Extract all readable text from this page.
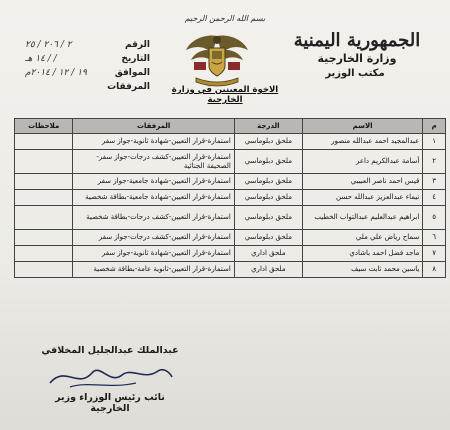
بسم الله الرحمن الرحيم
الجمهورية اليمنية
وزارة الخارجية
مكتب الوزير
الرقم
٢ / ٢٠٦ / ٢٥
التاريخ
/ / ١٤ هـ
الموافق
١٩ / ١٢ / ٢٠١٤م
المرفقات	الاخوة المعينين في وزارة الخارجية
م	الاسم	الدرجة	المرفقات	ملاحظات
١	عبدالمجيد احمد عبدالله منصور	ملحق دبلوماسي	استمارة-قرار التعيين-شهادة ثانوية-جواز سفر	
٢	أسامة عبدالكريم داعر	ملحق دبلوماسي	استمارة-قرار التعيين-كشف درجات-جواز سفر-الصحيفة الجنائية	
٣	قيس احمد ناصر العبيبي	ملحق دبلوماسي	استمارة-قرار التعيين-شهادة جامعية-جواز سفر	
٤	تيماء عبدالعزيز عبدالله حسن	ملحق دبلوماسي	استمارة-قرار التعيين-شهادة جامعية-بطاقة شخصية	
٥	ابراهيم عبدالعليم عبدالتواب الخطيب	ملحق دبلوماسي	استمارة-قرار التعيين-كشف درجات-بطاقة شخصية	
٦	سماح رياض علي ملي	ملحق دبلوماسي	استمارة-قرار التعيين-كشف درجات-جواز سفر	
٧	ماجد فضل احمد باشادي	ملحق اداري	استمارة-قرار التعيين-شهادة ثانوية-جواز سفر	
٨	ياسين محمد ثابت سيف	ملحق اداري	استمارة-قرار التعيين-ثانوية عامة-بطاقة شخصية	
عبدالملك عبدالجليل المخلافي
نائب رئيس الوزراء وزير الخارجية
